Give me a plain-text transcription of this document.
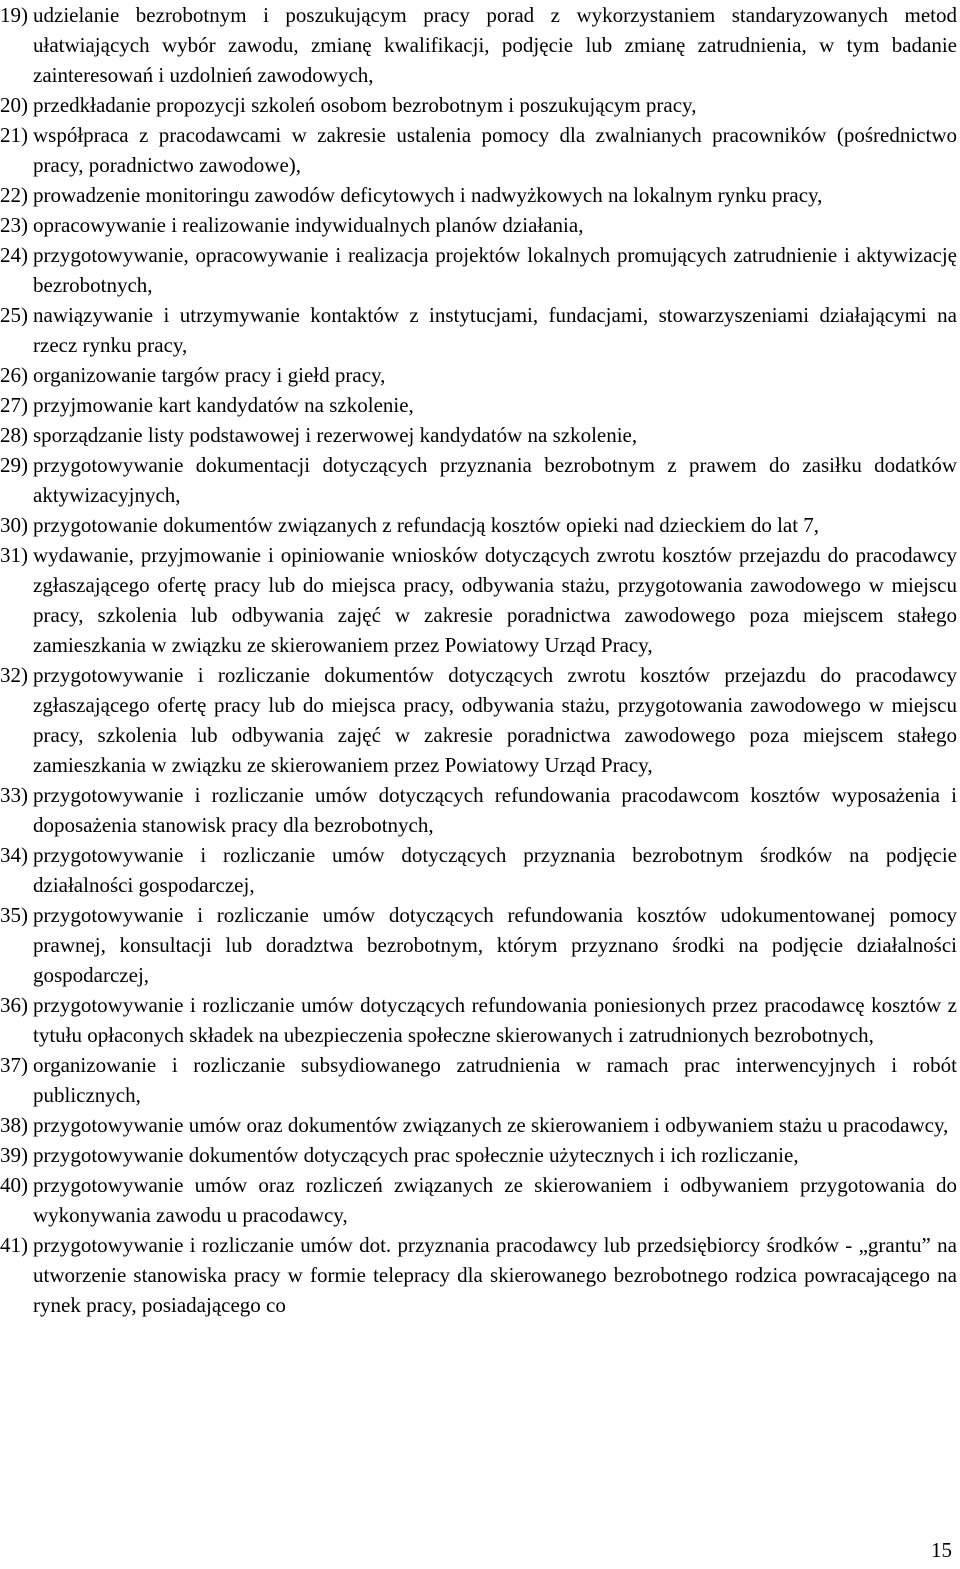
19) udzielanie bezrobotnym i poszukującym pracy porad z wykorzystaniem standaryzowanych metod ułatwiających wybór zawodu, zmianę kwalifikacji, podjęcie lub zmianę zatrudnienia, w tym badanie zainteresowań i uzdolnień zawodowych,
20) przedkładanie propozycji szkoleń osobom bezrobotnym i poszukującym pracy,
21) współpraca z pracodawcami w zakresie ustalenia pomocy dla zwalnianych pracowników (pośrednictwo pracy, poradnictwo zawodowe),
22) prowadzenie monitoringu zawodów deficytowych i nadwyżkowych na lokalnym rynku pracy,
23) opracowywanie i realizowanie indywidualnych planów działania,
24) przygotowywanie, opracowywanie i realizacja projektów lokalnych promujących zatrudnienie i aktywizację bezrobotnych,
25) nawiązywanie i utrzymywanie kontaktów z instytucjami, fundacjami, stowarzyszeniami działającymi na rzecz rynku pracy,
26) organizowanie targów pracy i giełd pracy,
27) przyjmowanie kart kandydatów na szkolenie,
28) sporządzanie listy podstawowej i rezerwowej kandydatów na szkolenie,
29) przygotowywanie dokumentacji dotyczących przyznania bezrobotnym z prawem do zasiłku dodatków aktywizacyjnych,
30) przygotowanie dokumentów związanych z refundacją kosztów opieki nad dzieckiem do lat 7,
31) wydawanie, przyjmowanie i opiniowanie wniosków dotyczących zwrotu kosztów przejazdu do pracodawcy zgłaszającego ofertę pracy lub do miejsca pracy, odbywania stażu, przygotowania zawodowego w miejscu pracy, szkolenia lub odbywania zajęć w zakresie poradnictwa zawodowego poza miejscem stałego zamieszkania w związku ze skierowaniem przez Powiatowy Urząd Pracy,
32) przygotowywanie i rozliczanie dokumentów dotyczących zwrotu kosztów przejazdu do pracodawcy zgłaszającego ofertę pracy lub do miejsca pracy, odbywania stażu, przygotowania zawodowego w miejscu pracy, szkolenia lub odbywania zajęć w zakresie poradnictwa zawodowego poza miejscem stałego zamieszkania w związku ze skierowaniem przez Powiatowy Urząd Pracy,
33) przygotowywanie i rozliczanie umów dotyczących refundowania pracodawcom kosztów wyposażenia i doposażenia stanowisk pracy dla bezrobotnych,
34) przygotowywanie i rozliczanie umów dotyczących przyznania bezrobotnym środków na podjęcie działalności gospodarczej,
35) przygotowywanie i rozliczanie umów dotyczących refundowania kosztów udokumentowanej pomocy prawnej, konsultacji lub doradztwa bezrobotnym, którym przyznano środki na podjęcie działalności gospodarczej,
36) przygotowywanie i rozliczanie umów dotyczących refundowania poniesionych przez pracodawcę kosztów z tytułu opłaconych składek na ubezpieczenia społeczne skierowanych i zatrudnionych bezrobotnych,
37) organizowanie i rozliczanie subsydiowanego zatrudnienia w ramach prac interwencyjnych i robót publicznych,
38) przygotowywanie umów oraz dokumentów związanych ze skierowaniem i odbywaniem stażu u pracodawcy,
39) przygotowywanie dokumentów dotyczących prac społecznie użytecznych i ich rozliczanie,
40) przygotowywanie umów oraz rozliczeń związanych ze skierowaniem i odbywaniem przygotowania do wykonywania zawodu u pracodawcy,
41) przygotowywanie i rozliczanie umów dot. przyznania pracodawcy lub przedsiębiorcy środków - „grantu” na utworzenie stanowiska pracy w formie telepracy dla skierowanego bezrobotnego rodzica powracającego na rynek pracy, posiadającego co
15
